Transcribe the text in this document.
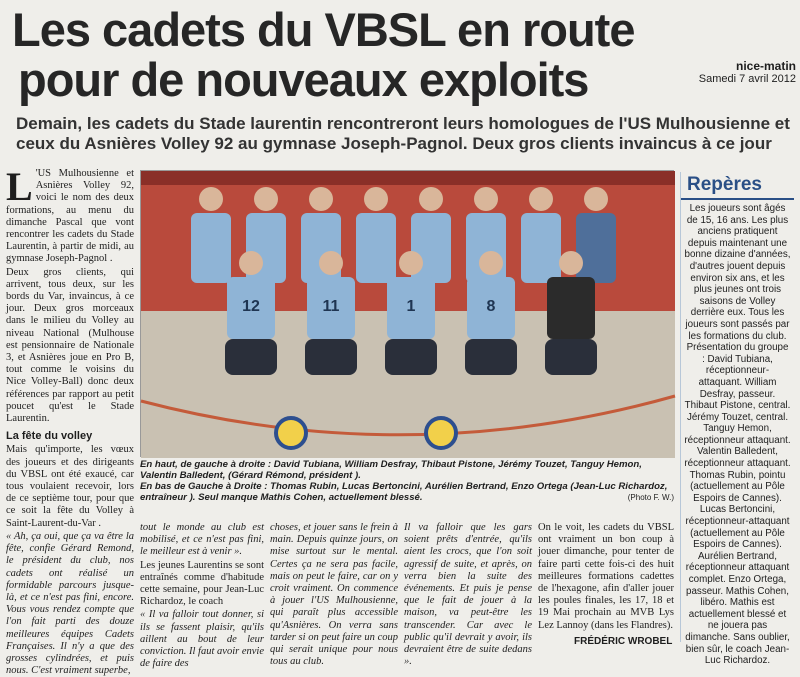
Les cadets du VBSL en route
pour de nouveaux exploits	nice-matin
Samedi 7 avril 2012
Demain, les cadets du Stade laurentin rencontreront leurs homologues de l'US Mulhousienne et ceux du Asnières Volley 92 au gymnase Joseph-Pagnol. Deux gros clients invaincus à ce jour

L 'US Mulhousienne et Asnières Volley 92, voici le nom des deux formations, au menu du dimanche Pascal que vont rencontrer les cadets du Stade Laurentin, à partir de midi, au gymnase Joseph-Pagnol .

Deux gros clients, qui arrivent, tous deux, sur les bords du Var, invaincus, à ce jour. Deux gros morceaux dans le milieu du Volley au niveau National (Mulhouse est pensionnaire de Nationale 3, et Asnières joue en Pro B, tout comme le voisins du Nice Volley-Ball) donc deux références par rapport au petit poucet qu'est le Stade Laurentin.

La fête du volley

Mais qu'importe, les vœux des joueurs et des dirigeants du VBSL ont été exaucé, car tous voulaient recevoir, lors de ce septième tour, pour que ce soit la fête du Volley à Saint-Laurent-du-Var .

« Ah, ça oui, que ça va être la fête, confie Gérard Remond, le président du club, nos cadets ont réalisé un formidable parcours jusque-là, et ce n'est pas fini, encore. Vous vous rendez compte que l'on fait parti des douze meilleures équipes Cadets Françaises. Il n'y a que des grosses cylindrées, et puis nous. C'est vraiment superbe,

12	11	1	8
En haut, de gauche à droite : David Tubiana, William Desfray, Thibaut Pistone, Jérémy Touzet, Tanguy Hemon, Valentin Balledent, (Gérard Rémond, président ).
En bas de Gauche à Droite : Thomas Rubin, Lucas Bertoncini, Aurélien Bertrand, Enzo Ortega (Jean-Luc Richardoz, entraîneur ). Seul manque Mathis Cohen, actuellement blessé.	(Photo F. W.)

tout le monde au club est mobilisé, et ce n'est pas fini, le meilleur est à venir ».

Les jeunes Laurentins se sont entraînés comme d'habitude cette semaine, pour Jean-Luc Richardoz, le coach

« Il va falloir tout donner, si ils se fassent plaisir, qu'ils aillent au bout de leur conviction. Il faut avoir envie de faire des

choses, et jouer sans le frein à main. Depuis quinze jours, on mise surtout sur le mental. Certes ça ne sera pas facile, mais on peut le faire, car on y croit vraiment. On commence à jouer l'US Mulhousienne, qui paraît plus accessible qu'Asnières. On verra sans tarder si on peut faire un coup qui serait unique pour nous tous au club.

Il va falloir que les gars soient prêts d'entrée, qu'ils aient les crocs, que l'on soit agressif de suite, et après, on verra bien la suite des événements. Et puis je pense que le fait de jouer à la maison, va peut-être les transcender. Car avec le public qu'il devrait y avoir, ils devraient être de suite dedans ».

On le voit, les cadets du VBSL ont vraiment un bon coup à jouer dimanche, pour tenter de faire parti cette fois-ci des huit meilleures formations cadettes de l'hexagone, afin d'aller jouer les poules finales, les 17, 18 et 19 Mai prochain au MVB Lys Lez Lannoy (dans les Flandres).

FRÉDÉRIC WROBEL
Repères
Les joueurs sont âgés de 15, 16 ans. Les plus anciens pratiquent depuis maintenant une bonne dizaine d'années, d'autres jouent depuis environ six ans, et les plus jeunes ont trois saisons de Volley derrière eux. Tous les joueurs sont passés par les formations du club. Présentation du groupe : David Tubiana, réceptionneur- attaquant. William Desfray, passeur. Thibaut Pistone, central. Jérémy Touzet, central. Tanguy Hemon, réceptionneur attaquant. Valentin Balledent, réceptionneur attaquant. Thomas Rubin, pointu (actuellement au Pôle Espoirs de Cannes). Lucas Bertoncini, réceptionneur-attaquant (actuellement au Pôle Espoirs de Cannes). Aurélien Bertrand, réceptionneur attaquant complet. Enzo Ortega, passeur. Mathis Cohen, libéro. Mathis est actuellement blessé et ne jouera pas dimanche. Sans oublier, bien sûr, le coach Jean-Luc Richardoz.
